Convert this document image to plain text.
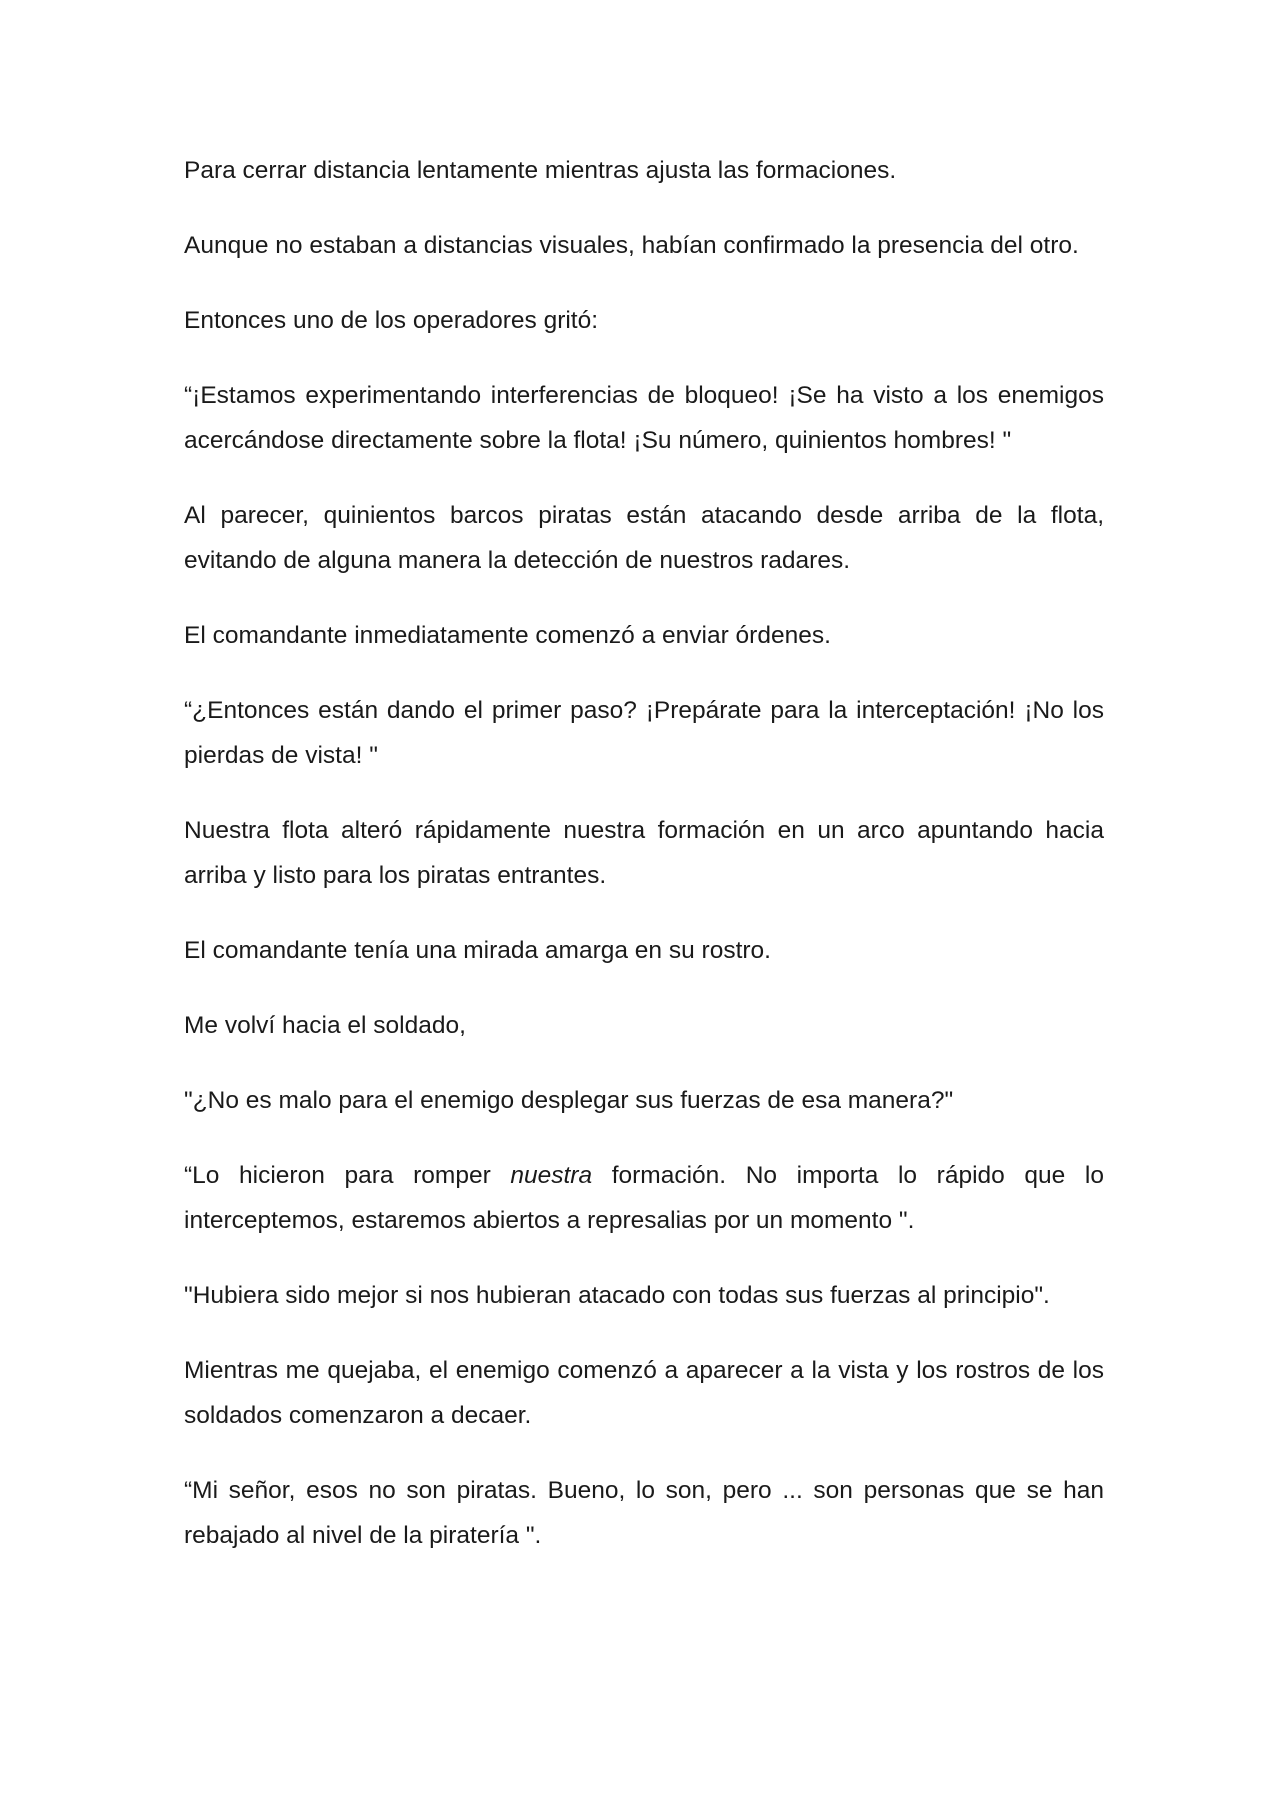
Para cerrar distancia lentamente mientras ajusta las formaciones.

Aunque no estaban a distancias visuales, habían confirmado la presencia del otro.

Entonces uno de los operadores gritó:

“¡Estamos experimentando interferencias de bloqueo! ¡Se ha visto a los enemigos acercándose directamente sobre la flota! ¡Su número, quinientos hombres! "

Al parecer, quinientos barcos piratas están atacando desde arriba de la flota, evitando de alguna manera la detección de nuestros radares.

El comandante inmediatamente comenzó a enviar órdenes.

“¿Entonces están dando el primer paso? ¡Prepárate para la interceptación! ¡No los pierdas de vista! "

Nuestra flota alteró rápidamente nuestra formación en un arco apuntando hacia arriba y listo para los piratas entrantes.

El comandante tenía una mirada amarga en su rostro.

Me volví hacia el soldado,

"¿No es malo para el enemigo desplegar sus fuerzas de esa manera?"

“Lo hicieron para romper nuestra formación. No importa lo rápido que lo interceptemos, estaremos abiertos a represalias por un momento ".

"Hubiera sido mejor si nos hubieran atacado con todas sus fuerzas al principio".

Mientras me quejaba, el enemigo comenzó a aparecer a la vista y los rostros de los soldados comenzaron a decaer.

“Mi señor, esos no son piratas. Bueno, lo son, pero ... son personas que se han rebajado al nivel de la piratería ".
